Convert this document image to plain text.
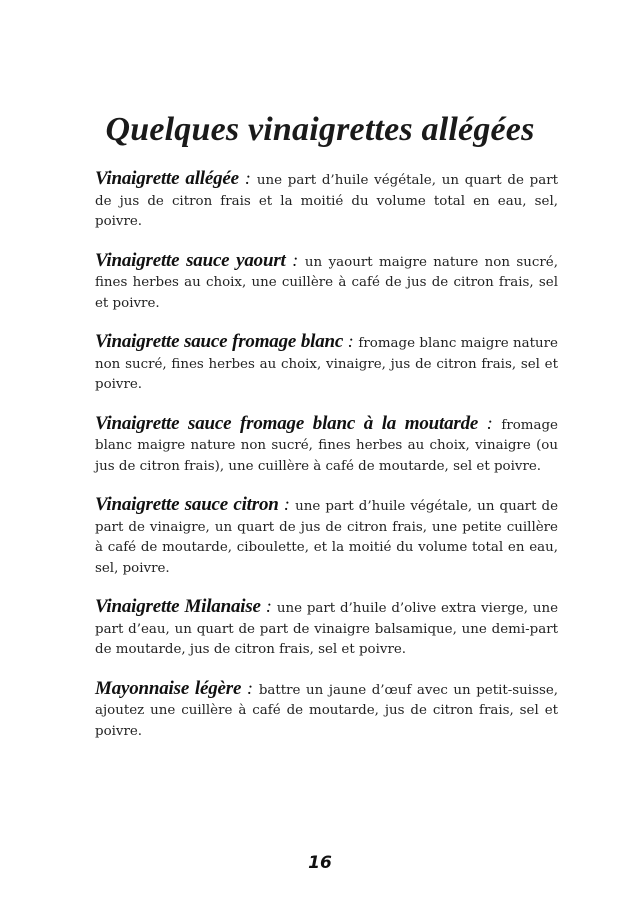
Quelques vinaigrettes allégées

Vinaigrette allégée : une part d’huile végétale, un quart de part de jus de citron frais et la moitié du volume total en eau, sel, poivre.

Vinaigrette sauce yaourt : un yaourt maigre nature non sucré, fines herbes au choix, une cuillère à café de jus de citron frais, sel et poivre.

Vinaigrette sauce fromage blanc : fromage blanc maigre nature non sucré, fines herbes au choix, vinaigre, jus de citron frais, sel et poivre.

Vinaigrette sauce fromage blanc à la moutarde : fromage blanc maigre nature non sucré, fines herbes au choix, vinaigre (ou jus de citron frais), une cuillère à café de moutarde, sel et poivre.

Vinaigrette sauce citron : une part d’huile végétale, un quart de part de vinaigre, un quart de jus de citron frais, une petite cuillère à café de moutarde, ciboulette, et la moitié du volume total en eau, sel, poivre.

Vinaigrette Milanaise : une part d’huile d’olive extra vierge, une part d’eau, un quart de part de vinaigre balsamique, une demi-part de moutarde, jus de citron frais, sel et poivre.

Mayonnaise légère : battre un jaune d’œuf avec un petit-suisse, ajoutez une cuillère à café de moutarde, jus de citron frais, sel et poivre.

16
